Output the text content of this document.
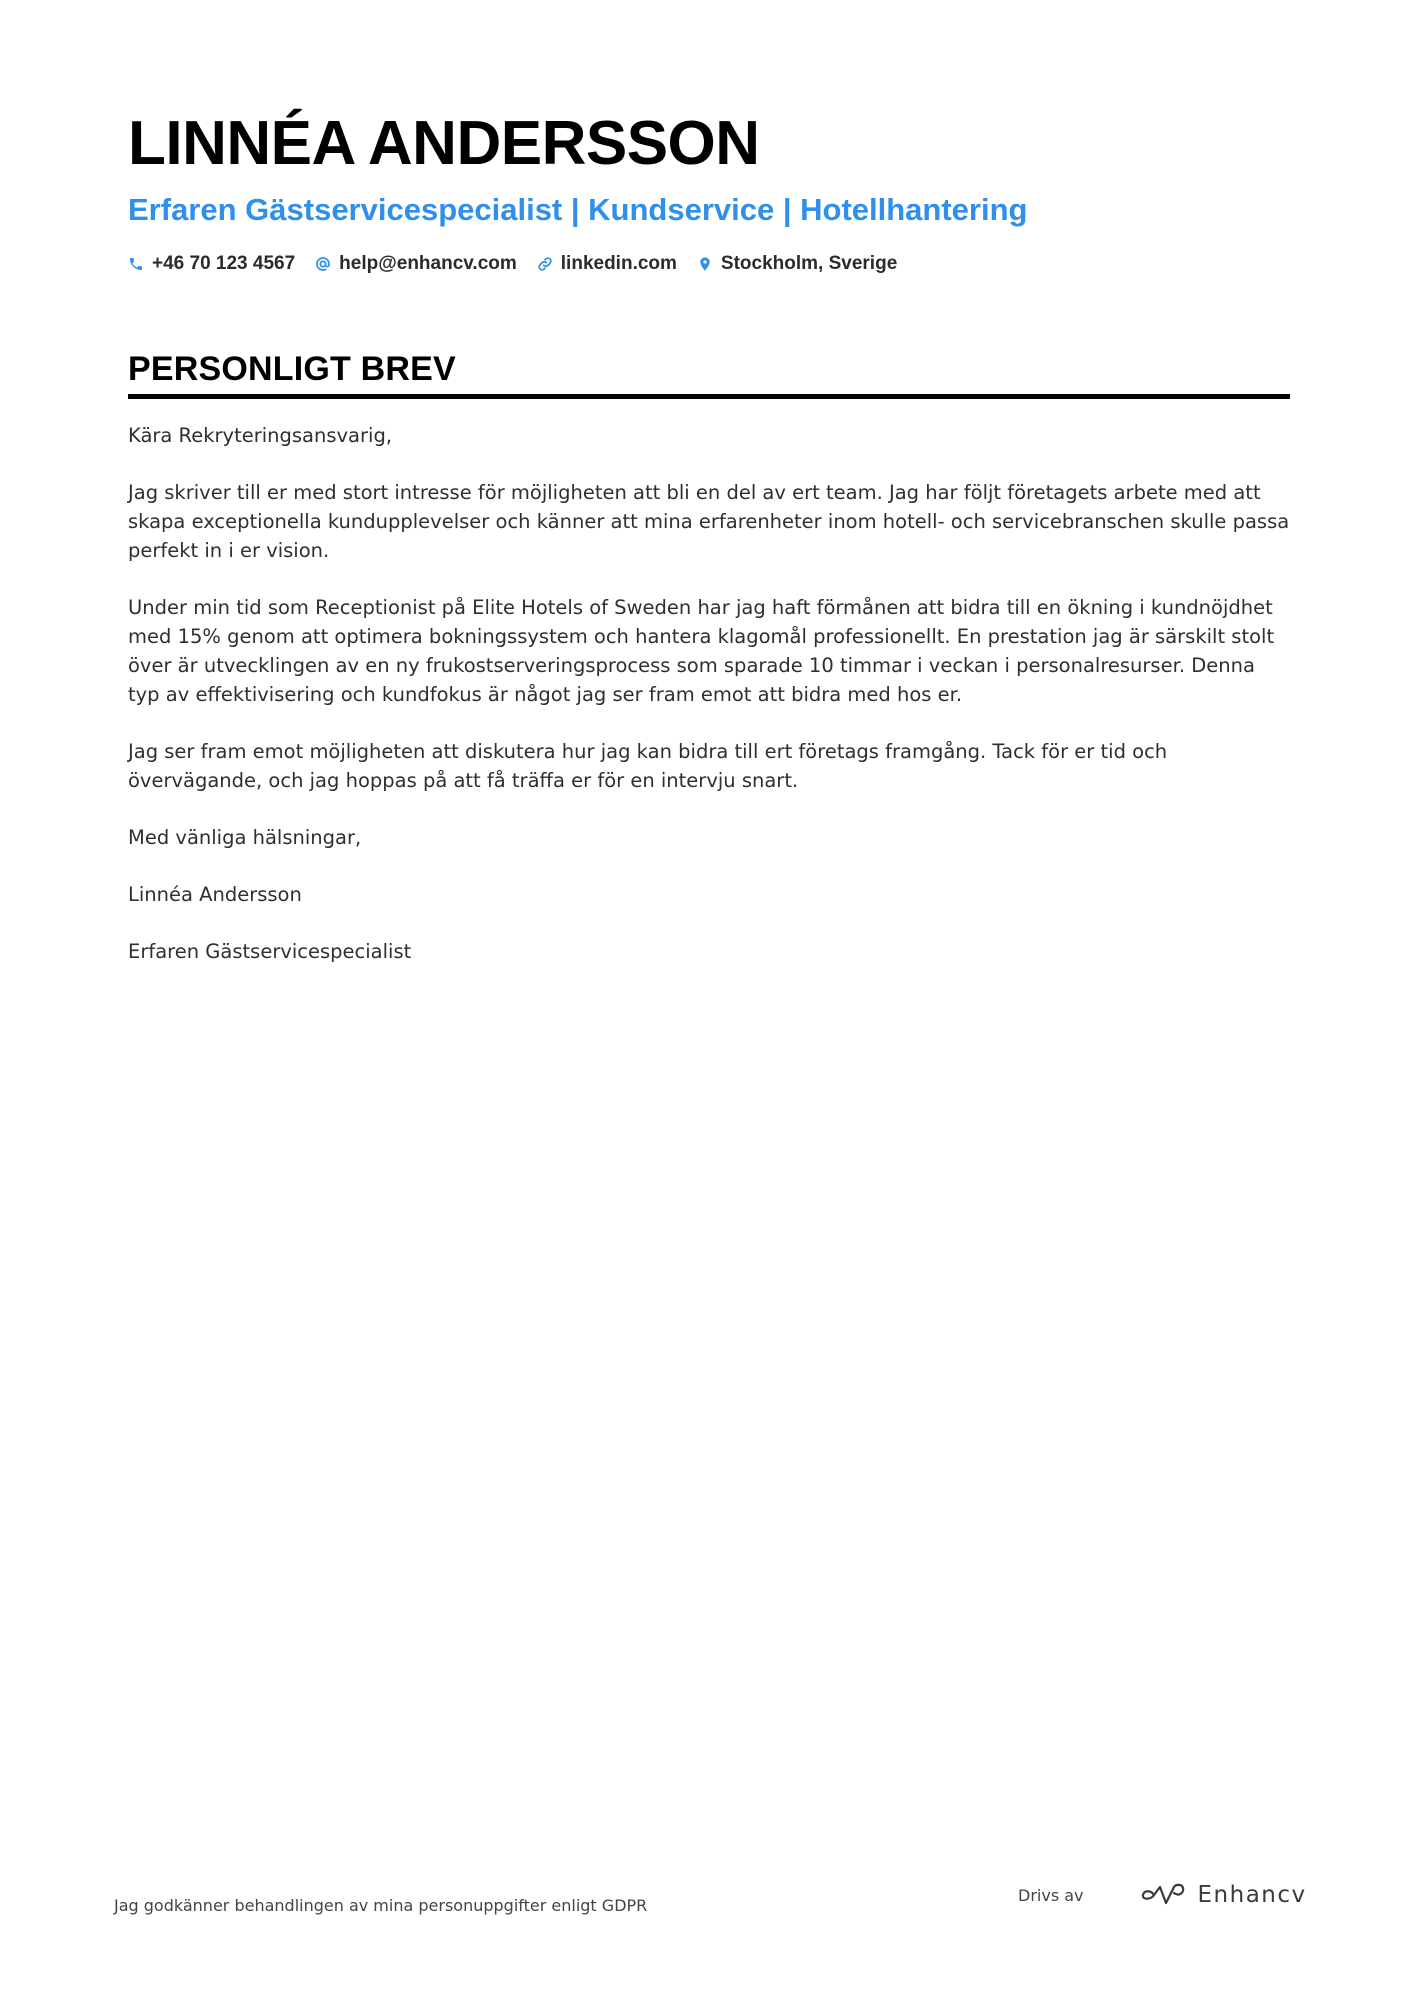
LINNÉA ANDERSSON
Erfaren Gästservicespecialist | Kundservice | Hotellhantering
+46 70 123 4567 help@enhancv.com linkedin.com Stockholm, Sverige
PERSONLIGT BREV

Kära Rekryteringsansvarig,

Jag skriver till er med stort intresse för möjligheten att bli en del av ert team. Jag har följt företagets arbete med att skapa exceptionella kundupplevelser och känner att mina erfarenheter inom hotell- och servicebranschen skulle passa perfekt in i er vision.

Under min tid som Receptionist på Elite Hotels of Sweden har jag haft förmånen att bidra till en ökning i kundnöjdhet med 15% genom att optimera bokningssystem och hantera klagomål professionellt. En prestation jag är särskilt stolt över är utvecklingen av en ny frukostserveringsprocess som sparade 10 timmar i veckan i personalresurser. Denna typ av effektivisering och kundfokus är något jag ser fram emot att bidra med hos er.

Jag ser fram emot möjligheten att diskutera hur jag kan bidra till ert företags framgång. Tack för er tid och övervägande, och jag hoppas på att få träffa er för en intervju snart.

Med vänliga hälsningar,

Linnéa Andersson

Erfaren Gästservicespecialist

Jag godkänner behandlingen av mina personuppgifter enligt GDPR
Drivs av	Enhancv
